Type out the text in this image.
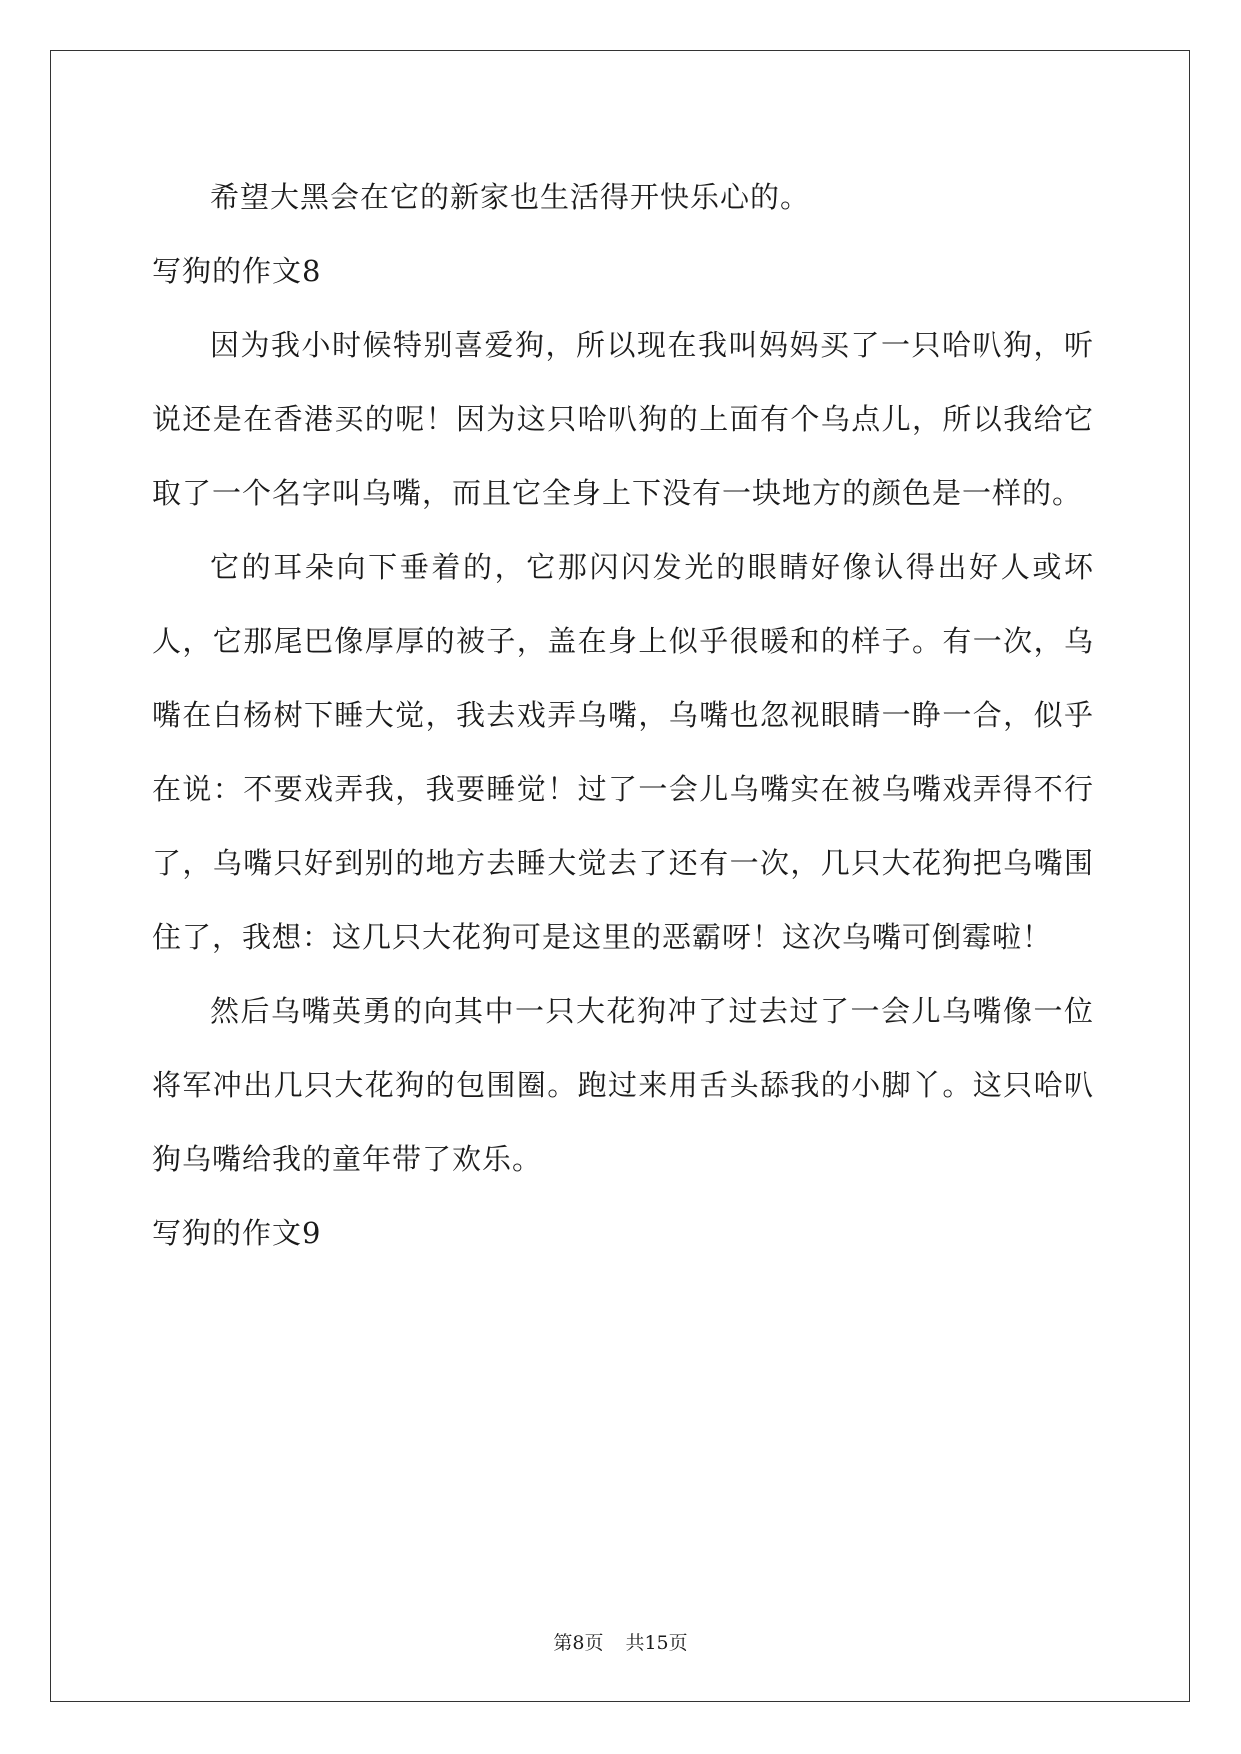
希望大黑会在它的新家也生活得开快乐心的。

写狗的作文8

因为我小时候特别喜爱狗，所以现在我叫妈妈买了一只哈叭狗，听说还是在香港买的呢！因为这只哈叭狗的上面有个乌点儿，所以我给它取了一个名字叫乌嘴，而且它全身上下没有一块地方的颜色是一样的。

它的耳朵向下垂着的，它那闪闪发光的眼睛好像认得出好人或坏人，它那尾巴像厚厚的被子，盖在身上似乎很暖和的样子。有一次，乌嘴在白杨树下睡大觉，我去戏弄乌嘴，乌嘴也忽视眼睛一睁一合，似乎在说：不要戏弄我，我要睡觉！过了一会儿乌嘴实在被乌嘴戏弄得不行了，乌嘴只好到别的地方去睡大觉去了还有一次，几只大花狗把乌嘴围住了，我想：这几只大花狗可是这里的恶霸呀！这次乌嘴可倒霉啦！

然后乌嘴英勇的向其中一只大花狗冲了过去过了一会儿乌嘴像一位将军冲出几只大花狗的包围圈。跑过来用舌头舔我的小脚丫。这只哈叭狗乌嘴给我的童年带了欢乐。

写狗的作文9

第8页 共15页
